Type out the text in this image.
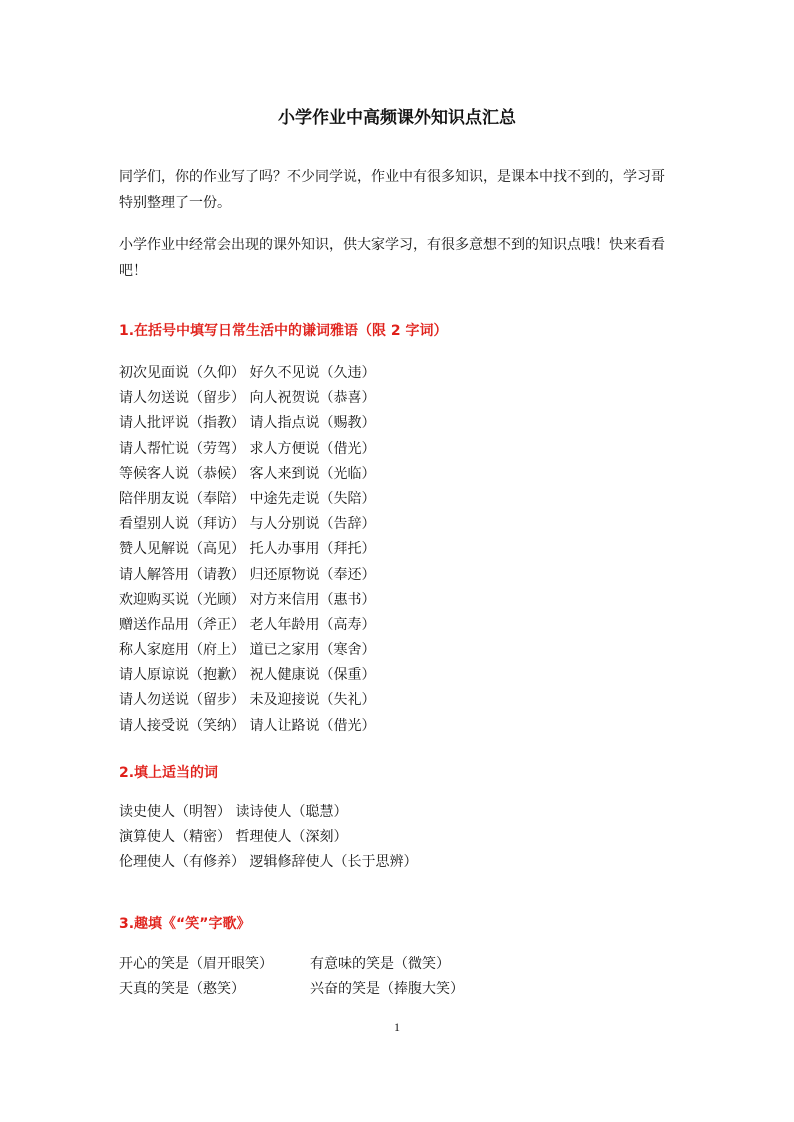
小学作业中高频课外知识点汇总
同学们，你的作业写了吗？不少同学说，作业中有很多知识，是课本中找不到的，学习哥特别整理了一份。
小学作业中经常会出现的课外知识，供大家学习，有很多意想不到的知识点哦！快来看看吧！
1.在括号中填写日常生活中的谦词雅语（限 2 字词）
初次见面说（久仰） 好久不见说（久违）
请人勿送说（留步） 向人祝贺说（恭喜）
请人批评说（指教） 请人指点说（赐教）
请人帮忙说（劳驾） 求人方便说（借光）
等候客人说（恭候） 客人来到说（光临）
陪伴朋友说（奉陪） 中途先走说（失陪）
看望别人说（拜访） 与人分别说（告辞）
赞人见解说（高见） 托人办事用（拜托）
请人解答用（请教） 归还原物说（奉还）
欢迎购买说（光顾） 对方来信用（惠书）
赠送作品用（斧正） 老人年龄用（高寿）
称人家庭用（府上） 道已之家用（寒舍）
请人原谅说（抱歉） 祝人健康说（保重）
请人勿送说（留步） 未及迎接说（失礼）
请人接受说（笑纳） 请人让路说（借光）
2.填上适当的词
读史使人（明智） 读诗使人（聪慧）
演算使人（精密） 哲理使人（深刻）
伦理使人（有修养） 逻辑修辞使人（长于思辨）
3.趣填《“笑”字歌》
开心的笑是（眉开眼笑）	有意味的笑是（微笑）
天真的笑是（憨笑）	兴奋的笑是（捧腹大笑）
1
